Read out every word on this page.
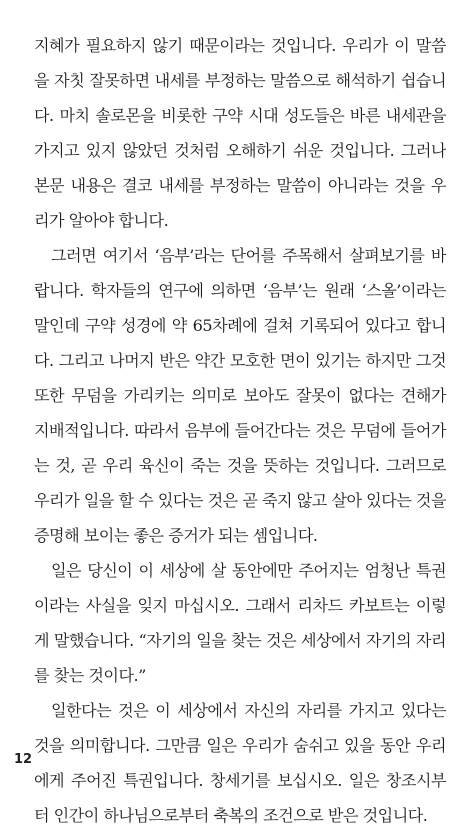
지혜가 필요하지 않기 때문이라는 것입니다. 우리가 이 말씀
을 자칫 잘못하면 내세를 부정하는 말씀으로 해석하기 쉽습니
다. 마치 솔로몬을 비롯한 구약 시대 성도들은 바른 내세관을
가지고 있지 않았던 것처럼 오해하기 쉬운 것입니다. 그러나
본문 내용은 결코 내세를 부정하는 말씀이 아니라는 것을 우
리가 알아야 합니다.
그러면 여기서 ‘음부’라는 단어를 주목해서 살펴보기를 바
랍니다. 학자들의 연구에 의하면 ‘음부’는 원래 ‘스올’이라는
말인데 구약 성경에 약 65차례에 걸쳐 기록되어 있다고 합니
다. 그리고 나머지 반은 약간 모호한 면이 있기는 하지만 그것
또한 무덤을 가리키는 의미로 보아도 잘못이 없다는 견해가
지배적입니다. 따라서 음부에 들어간다는 것은 무덤에 들어가
는 것, 곧 우리 육신이 죽는 것을 뜻하는 것입니다. 그러므로
우리가 일을 할 수 있다는 것은 곧 죽지 않고 살아 있다는 것을
증명해 보이는 좋은 증거가 되는 셈입니다.
일은 당신이 이 세상에 살 동안에만 주어지는 엄청난 특권
이라는 사실을 잊지 마십시오. 그래서 리차드 카보트는 이렇
게 말했습니다. “자기의 일을 찾는 것은 세상에서 자기의 자리
를 찾는 것이다.”
일한다는 것은 이 세상에서 자신의 자리를 가지고 있다는
것을 의미합니다. 그만큼 일은 우리가 숨쉬고 있을 동안 우리
에게 주어진 특권입니다. 창세기를 보십시오. 일은 창조시부
터 인간이 하나님으로부터 축복의 조건으로 받은 것입니다.
12
